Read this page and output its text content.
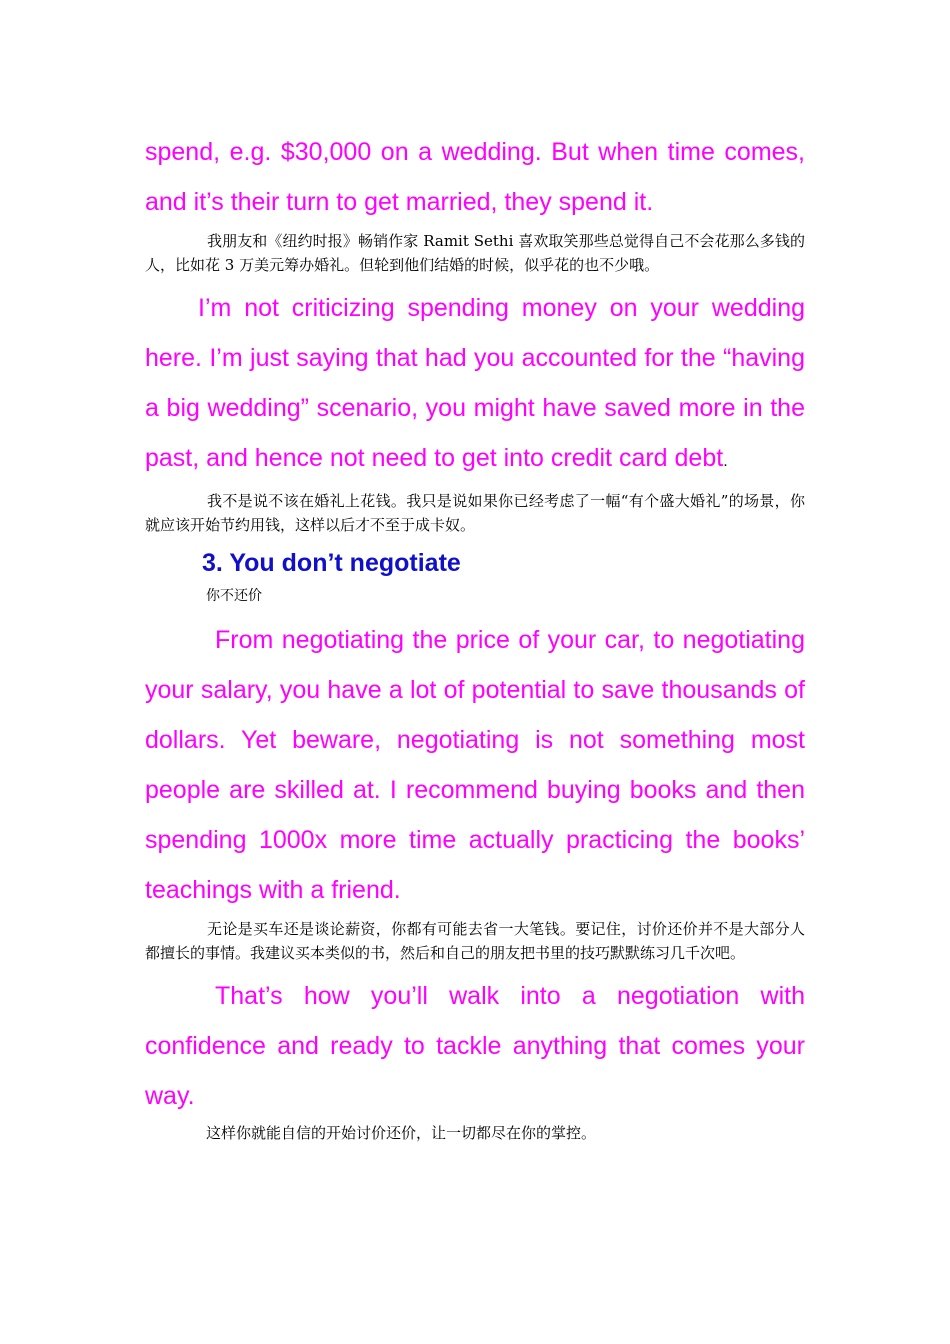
spend, e.g. $30,000 on a wedding. But when time comes, and it’s their turn to get married, they spend it.

我朋友和《纽约时报》畅销作家 Ramit Sethi 喜欢取笑那些总觉得自己不会花那么多钱的人，比如花 3 万美元筹办婚礼。但轮到他们结婚的时候，似乎花的也不少哦。

I’m not criticizing spending money on your wedding here. I’m just saying that had you accounted for the “having a big wedding” scenario, you might have saved more in the past, and hence not need to get into credit card debt.

我不是说不该在婚礼上花钱。我只是说如果你已经考虑了一幅“有个盛大婚礼”的场景，你就应该开始节约用钱，这样以后才不至于成卡奴。

3. You don’t negotiate
你不还价

From negotiating the price of your car, to negotiating your salary, you have a lot of potential to save thousands of dollars. Yet beware, negotiating is not something most people are skilled at. I recommend buying books and then spending 1000x more time actually practicing the books’ teachings with a friend.

无论是买车还是谈论薪资，你都有可能去省一大笔钱。要记住，讨价还价并不是大部分人都擅长的事情。我建议买本类似的书，然后和自己的朋友把书里的技巧默默练习几千次吧。

That’s how you’ll walk into a negotiation with confidence and ready to tackle anything that comes your way.

这样你就能自信的开始讨价还价，让一切都尽在你的掌控。
